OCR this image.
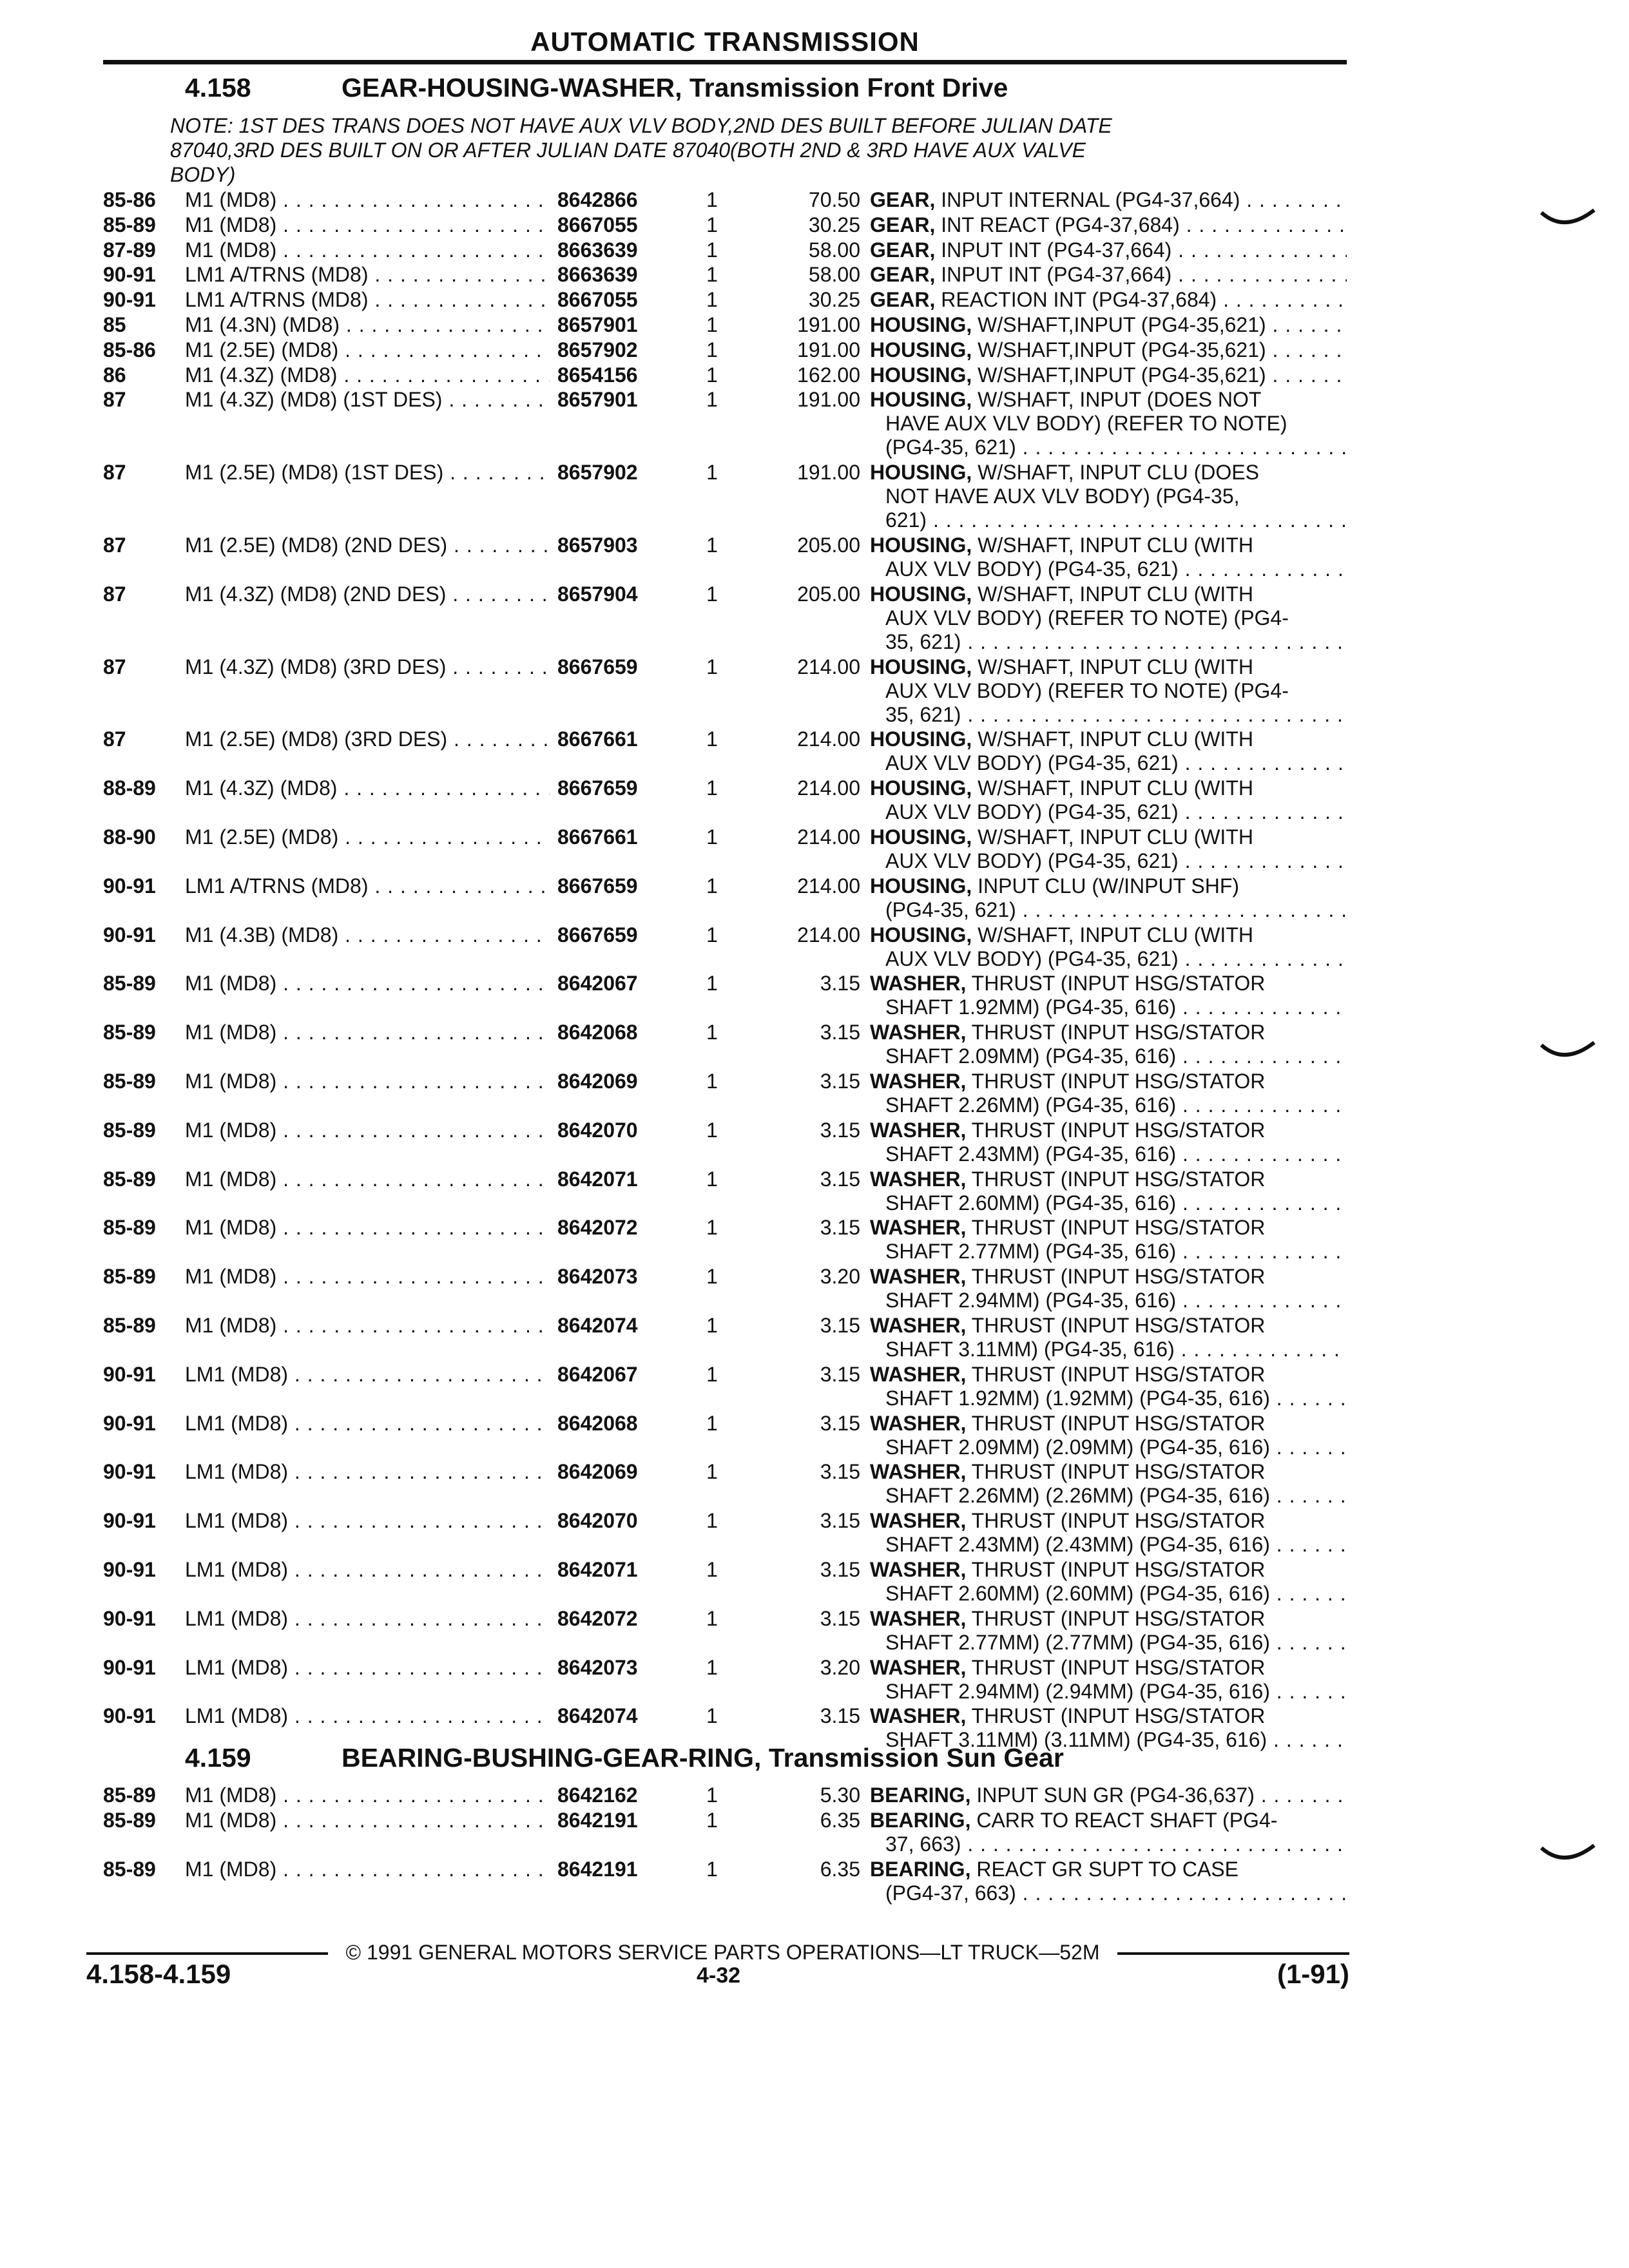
AUTOMATIC TRANSMISSION
4.158	GEAR-HOUSING-WASHER, Transmission Front Drive
NOTE: 1ST DES TRANS DOES NOT HAVE AUX VLV BODY,2ND DES BUILT BEFORE JULIAN DATE
87040,3RD DES BUILT ON OR AFTER JULIAN DATE 87040(BOTH 2ND & 3RD HAVE AUX VALVE
BODY)
85-86	M1 (MD8) . . .	8642866	1	70.50 GEAR, INPUT INTERNAL (PG4-37,664) . . .
85-89	M1 (MD8) . . .	8667055	1	30.25 GEAR, INT REACT (PG4-37,684) . . .
87-89	M1 (MD8) . . .	8663639	1	58.00 GEAR, INPUT INT (PG4-37,664) . . .
90-91	LM1 A/TRNS (MD8) . . .	8663639	1	58.00 GEAR, INPUT INT (PG4-37,664) . . .
90-91	LM1 A/TRNS (MD8) . . .	8667055	1	30.25 GEAR, REACTION INT (PG4-37,684) . . .
85	M1 (4.3N) (MD8) . . .	8657901	1	191.00 HOUSING, W/SHAFT,INPUT (PG4-35,621) . . .
85-86	M1 (2.5E) (MD8) . . .	8657902	1	191.00 HOUSING, W/SHAFT,INPUT (PG4-35,621) . . .
86	M1 (4.3Z) (MD8) . . .	8654156	1	162.00 HOUSING, W/SHAFT,INPUT (PG4-35,621) . . .
87	M1 (4.3Z) (MD8) (1ST DES) . . .	8657901	1	191.00 HOUSING, W/SHAFT, INPUT (DOES NOT
HAVE AUX VLV BODY) (REFER TO NOTE)
(PG4-35, 621) . . .
87	M1 (2.5E) (MD8) (1ST DES) . . .	8657902	1	191.00 HOUSING, W/SHAFT, INPUT CLU (DOES
NOT HAVE AUX VLV BODY) (PG4-35,
621) . . .
87	M1 (2.5E) (MD8) (2ND DES) . . .	8657903	1	205.00 HOUSING, W/SHAFT, INPUT CLU (WITH
AUX VLV BODY) (PG4-35, 621) . . .
87	M1 (4.3Z) (MD8) (2ND DES) . . .	8657904	1	205.00 HOUSING, W/SHAFT, INPUT CLU (WITH
AUX VLV BODY) (REFER TO NOTE) (PG4-
35, 621) . . .
87	M1 (4.3Z) (MD8) (3RD DES) . . .	8667659	1	214.00 HOUSING, W/SHAFT, INPUT CLU (WITH
AUX VLV BODY) (REFER TO NOTE) (PG4-
35, 621) . . .
87	M1 (2.5E) (MD8) (3RD DES) . . .	8667661	1	214.00 HOUSING, W/SHAFT, INPUT CLU (WITH
AUX VLV BODY) (PG4-35, 621) . . .
88-89	M1 (4.3Z) (MD8) . . .	8667659	1	214.00 HOUSING, W/SHAFT, INPUT CLU (WITH
AUX VLV BODY) (PG4-35, 621) . . .
88-90	M1 (2.5E) (MD8) . . .	8667661	1	214.00 HOUSING, W/SHAFT, INPUT CLU (WITH
AUX VLV BODY) (PG4-35, 621) . . .
90-91	LM1 A/TRNS (MD8) . . .	8667659	1	214.00 HOUSING, INPUT CLU (W/INPUT SHF)
(PG4-35, 621) . . .
90-91	M1 (4.3B) (MD8) . . .	8667659	1	214.00 HOUSING, W/SHAFT, INPUT CLU (WITH
AUX VLV BODY) (PG4-35, 621) . . .
85-89	M1 (MD8) . . .	8642067	1	3.15 WASHER, THRUST (INPUT HSG/STATOR
SHAFT 1.92MM) (PG4-35, 616) . . .
85-89	M1 (MD8) . . .	8642068	1	3.15 WASHER, THRUST (INPUT HSG/STATOR
SHAFT 2.09MM) (PG4-35, 616) . . .
85-89	M1 (MD8) . . .	8642069	1	3.15 WASHER, THRUST (INPUT HSG/STATOR
SHAFT 2.26MM) (PG4-35, 616) . . .
85-89	M1 (MD8) . . .	8642070	1	3.15 WASHER, THRUST (INPUT HSG/STATOR
SHAFT 2.43MM) (PG4-35, 616) . . .
85-89	M1 (MD8) . . .	8642071	1	3.15 WASHER, THRUST (INPUT HSG/STATOR
SHAFT 2.60MM) (PG4-35, 616) . . .
85-89	M1 (MD8) . . .	8642072	1	3.15 WASHER, THRUST (INPUT HSG/STATOR
SHAFT 2.77MM) (PG4-35, 616) . . .
85-89	M1 (MD8) . . .	8642073	1	3.20 WASHER, THRUST (INPUT HSG/STATOR
SHAFT 2.94MM) (PG4-35, 616) . . .
85-89	M1 (MD8) . . .	8642074	1	3.15 WASHER, THRUST (INPUT HSG/STATOR
SHAFT 3.11MM) (PG4-35, 616) . . .
90-91	LM1 (MD8) . . .	8642067	1	3.15 WASHER, THRUST (INPUT HSG/STATOR
SHAFT 1.92MM) (1.92MM) (PG4-35, 616) . . .
90-91	LM1 (MD8) . . .	8642068	1	3.15 WASHER, THRUST (INPUT HSG/STATOR
SHAFT 2.09MM) (2.09MM) (PG4-35, 616) . . .
90-91	LM1 (MD8) . . .	8642069	1	3.15 WASHER, THRUST (INPUT HSG/STATOR
SHAFT 2.26MM) (2.26MM) (PG4-35, 616) . . .
90-91	LM1 (MD8) . . .	8642070	1	3.15 WASHER, THRUST (INPUT HSG/STATOR
SHAFT 2.43MM) (2.43MM) (PG4-35, 616) . . .
90-91	LM1 (MD8) . . .	8642071	1	3.15 WASHER, THRUST (INPUT HSG/STATOR
SHAFT 2.60MM) (2.60MM) (PG4-35, 616) . . .
90-91	LM1 (MD8) . . .	8642072	1	3.15 WASHER, THRUST (INPUT HSG/STATOR
SHAFT 2.77MM) (2.77MM) (PG4-35, 616) . . .
90-91	LM1 (MD8) . . .	8642073	1	3.20 WASHER, THRUST (INPUT HSG/STATOR
SHAFT 2.94MM) (2.94MM) (PG4-35, 616) . . .
90-91	LM1 (MD8) . . .	8642074	1	3.15 WASHER, THRUST (INPUT HSG/STATOR
SHAFT 3.11MM) (3.11MM) (PG4-35, 616) . . .
4.159	BEARING-BUSHING-GEAR-RING, Transmission Sun Gear
85-89	M1 (MD8) . . .	8642162	1	5.30 BEARING, INPUT SUN GR (PG4-36,637) . . .
85-89	M1 (MD8) . . .	8642191	1	6.35 BEARING, CARR TO REACT SHAFT (PG4-
37, 663) . . .
85-89	M1 (MD8) . . .	8642191	1	6.35 BEARING, REACT GR SUPT TO CASE
(PG4-37, 663) . . .
© 1991 GENERAL MOTORS SERVICE PARTS OPERATIONS—LT TRUCK—52M
4.158-4.159	4-32	(1-91)
